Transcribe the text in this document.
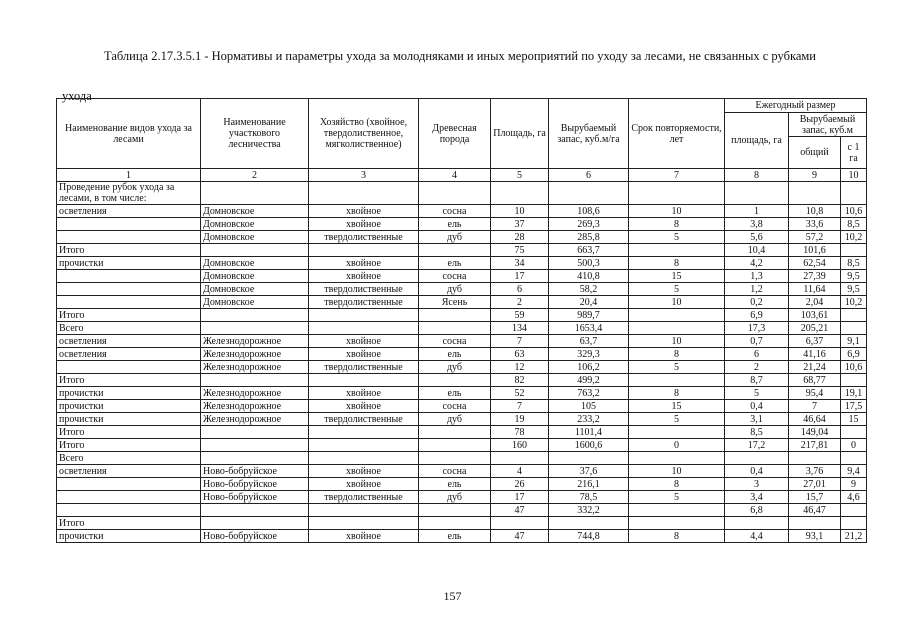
Таблица 2.17.3.5.1 - Нормативы и параметры ухода за молодняками и иных мероприятий по уходу за лесами, не связанных с рубками
ухода
Наименование видов ухода за лесами	Наименование участкового лесничества	Хозяйство (хвойное, твердолиственное, мягколиственное)	Древесная порода	Площадь, га	Вырубаемый запас, куб.м/га	Срок повторяемости, лет	Ежегодный размер		
							площадь, га	Вырубаемый запас, куб.м	
								общий	с 1 га
1	2	3	4	5	6	7	8	9	10
Проведение рубок ухода за лесами, в том числе:									
осветления	Домновское	хвойное	сосна	10	108,6	10	1	10,8	10,6
	Домновское	хвойное	ель	37	269,3	8	3,8	33,6	8,5
	Домновское	твердолиственные	дуб	28	285,8	5	5,6	57,2	10,2
Итого				75	663,7		10,4	101,6	
прочистки	Домновское	хвойное	ель	34	500,3	8	4,2	62,54	8,5
	Домновское	хвойное	сосна	17	410,8	15	1,3	27,39	9,5
	Домновское	твердолиственные	дуб	6	58,2	5	1,2	11,64	9,5
	Домновское	твердолиственные	Ясень	2	20,4	10	0,2	2,04	10,2
Итого				59	989,7		6,9	103,61	
Всего				134	1653,4		17,3	205,21	
осветления	Железнодорожное	хвойное	сосна	7	63,7	10	0,7	6,37	9,1
осветления	Железнодорожное	хвойное	ель	63	329,3	8	6	41,16	6,9
	Железнодорожное	твердолиственные	дуб	12	106,2	5	2	21,24	10,6
Итого				82	499,2		8,7	68,77	
прочистки	Железнодорожное	хвойное	ель	52	763,2	8	5	95,4	19,1
прочистки	Железнодорожное	хвойное	сосна	7	105	15	0,4	7	17,5
прочистки	Железнодорожное	твердолиственные	дуб	19	233,2	5	3,1	46,64	15
Итого				78	1101,4		8,5	149,04	
Итого				160	1600,6	0	17,2	217,81	0
Всего									
осветления	Ново-бобруйское	хвойное	сосна	4	37,6	10	0,4	3,76	9,4
	Ново-бобруйское	хвойное	ель	26	216,1	8	3	27,01	9
	Ново-бобруйское	твердолиственные	дуб	17	78,5	5	3,4	15,7	4,6
				47	332,2		6,8	46,47	
Итого									
прочистки	Ново-бобруйское	хвойное	ель	47	744,8	8	4,4	93,1	21,2
157
